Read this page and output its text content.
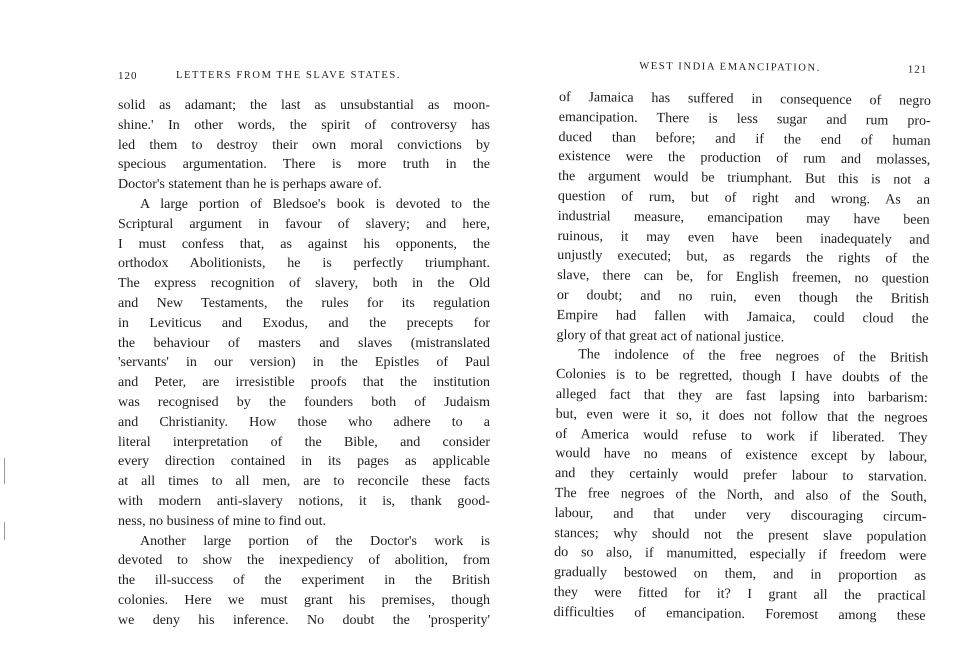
120	LETTERS FROM THE SLAVE STATES.
solid as adamant; the last as unsubstantial as moon-
shine.' In other words, the spirit of controversy has
led them to destroy their own moral convictions by
specious argumentation. There is more truth in the
Doctor's statement than he is perhaps aware of.
A large portion of Bledsoe's book is devoted to the
Scriptural argument in favour of slavery; and here,
I must confess that, as against his opponents, the
orthodox Abolitionists, he is perfectly triumphant.
The express recognition of slavery, both in the Old
and New Testaments, the rules for its regulation
in Leviticus and Exodus, and the precepts for
the behaviour of masters and slaves (mistranslated
'servants' in our version) in the Epistles of Paul
and Peter, are irresistible proofs that the institution
was recognised by the founders both of Judaism
and Christianity. How those who adhere to a
literal interpretation of the Bible, and consider
every direction contained in its pages as applicable
at all times to all men, are to reconcile these facts
with modern anti-slavery notions, it is, thank good-
ness, no business of mine to find out.
Another large portion of the Doctor's work is
devoted to show the inexpediency of abolition, from
the ill-success of the experiment in the British
colonies. Here we must grant his premises, though
we deny his inference. No doubt the 'prosperity'
WEST INDIA EMANCIPATION.	121
of Jamaica has suffered in consequence of negro
emancipation. There is less sugar and rum pro-
duced than before; and if the end of human
existence were the production of rum and molasses,
the argument would be triumphant. But this is not a
question of rum, but of right and wrong. As an
industrial measure, emancipation may have been
ruinous, it may even have been inadequately and
unjustly executed; but, as regards the rights of the
slave, there can be, for English freemen, no question
or doubt; and no ruin, even though the British
Empire had fallen with Jamaica, could cloud the
glory of that great act of national justice.
The indolence of the free negroes of the British
Colonies is to be regretted, though I have doubts of the
alleged fact that they are fast lapsing into barbarism:
but, even were it so, it does not follow that the negroes
of America would refuse to work if liberated. They
would have no means of existence except by labour,
and they certainly would prefer labour to starvation.
The free negroes of the North, and also of the South,
labour, and that under very discouraging circum-
stances; why should not the present slave population
do so also, if manumitted, especially if freedom were
gradually bestowed on them, and in proportion as
they were fitted for it? I grant all the practical
difficulties of emancipation. Foremost among these
